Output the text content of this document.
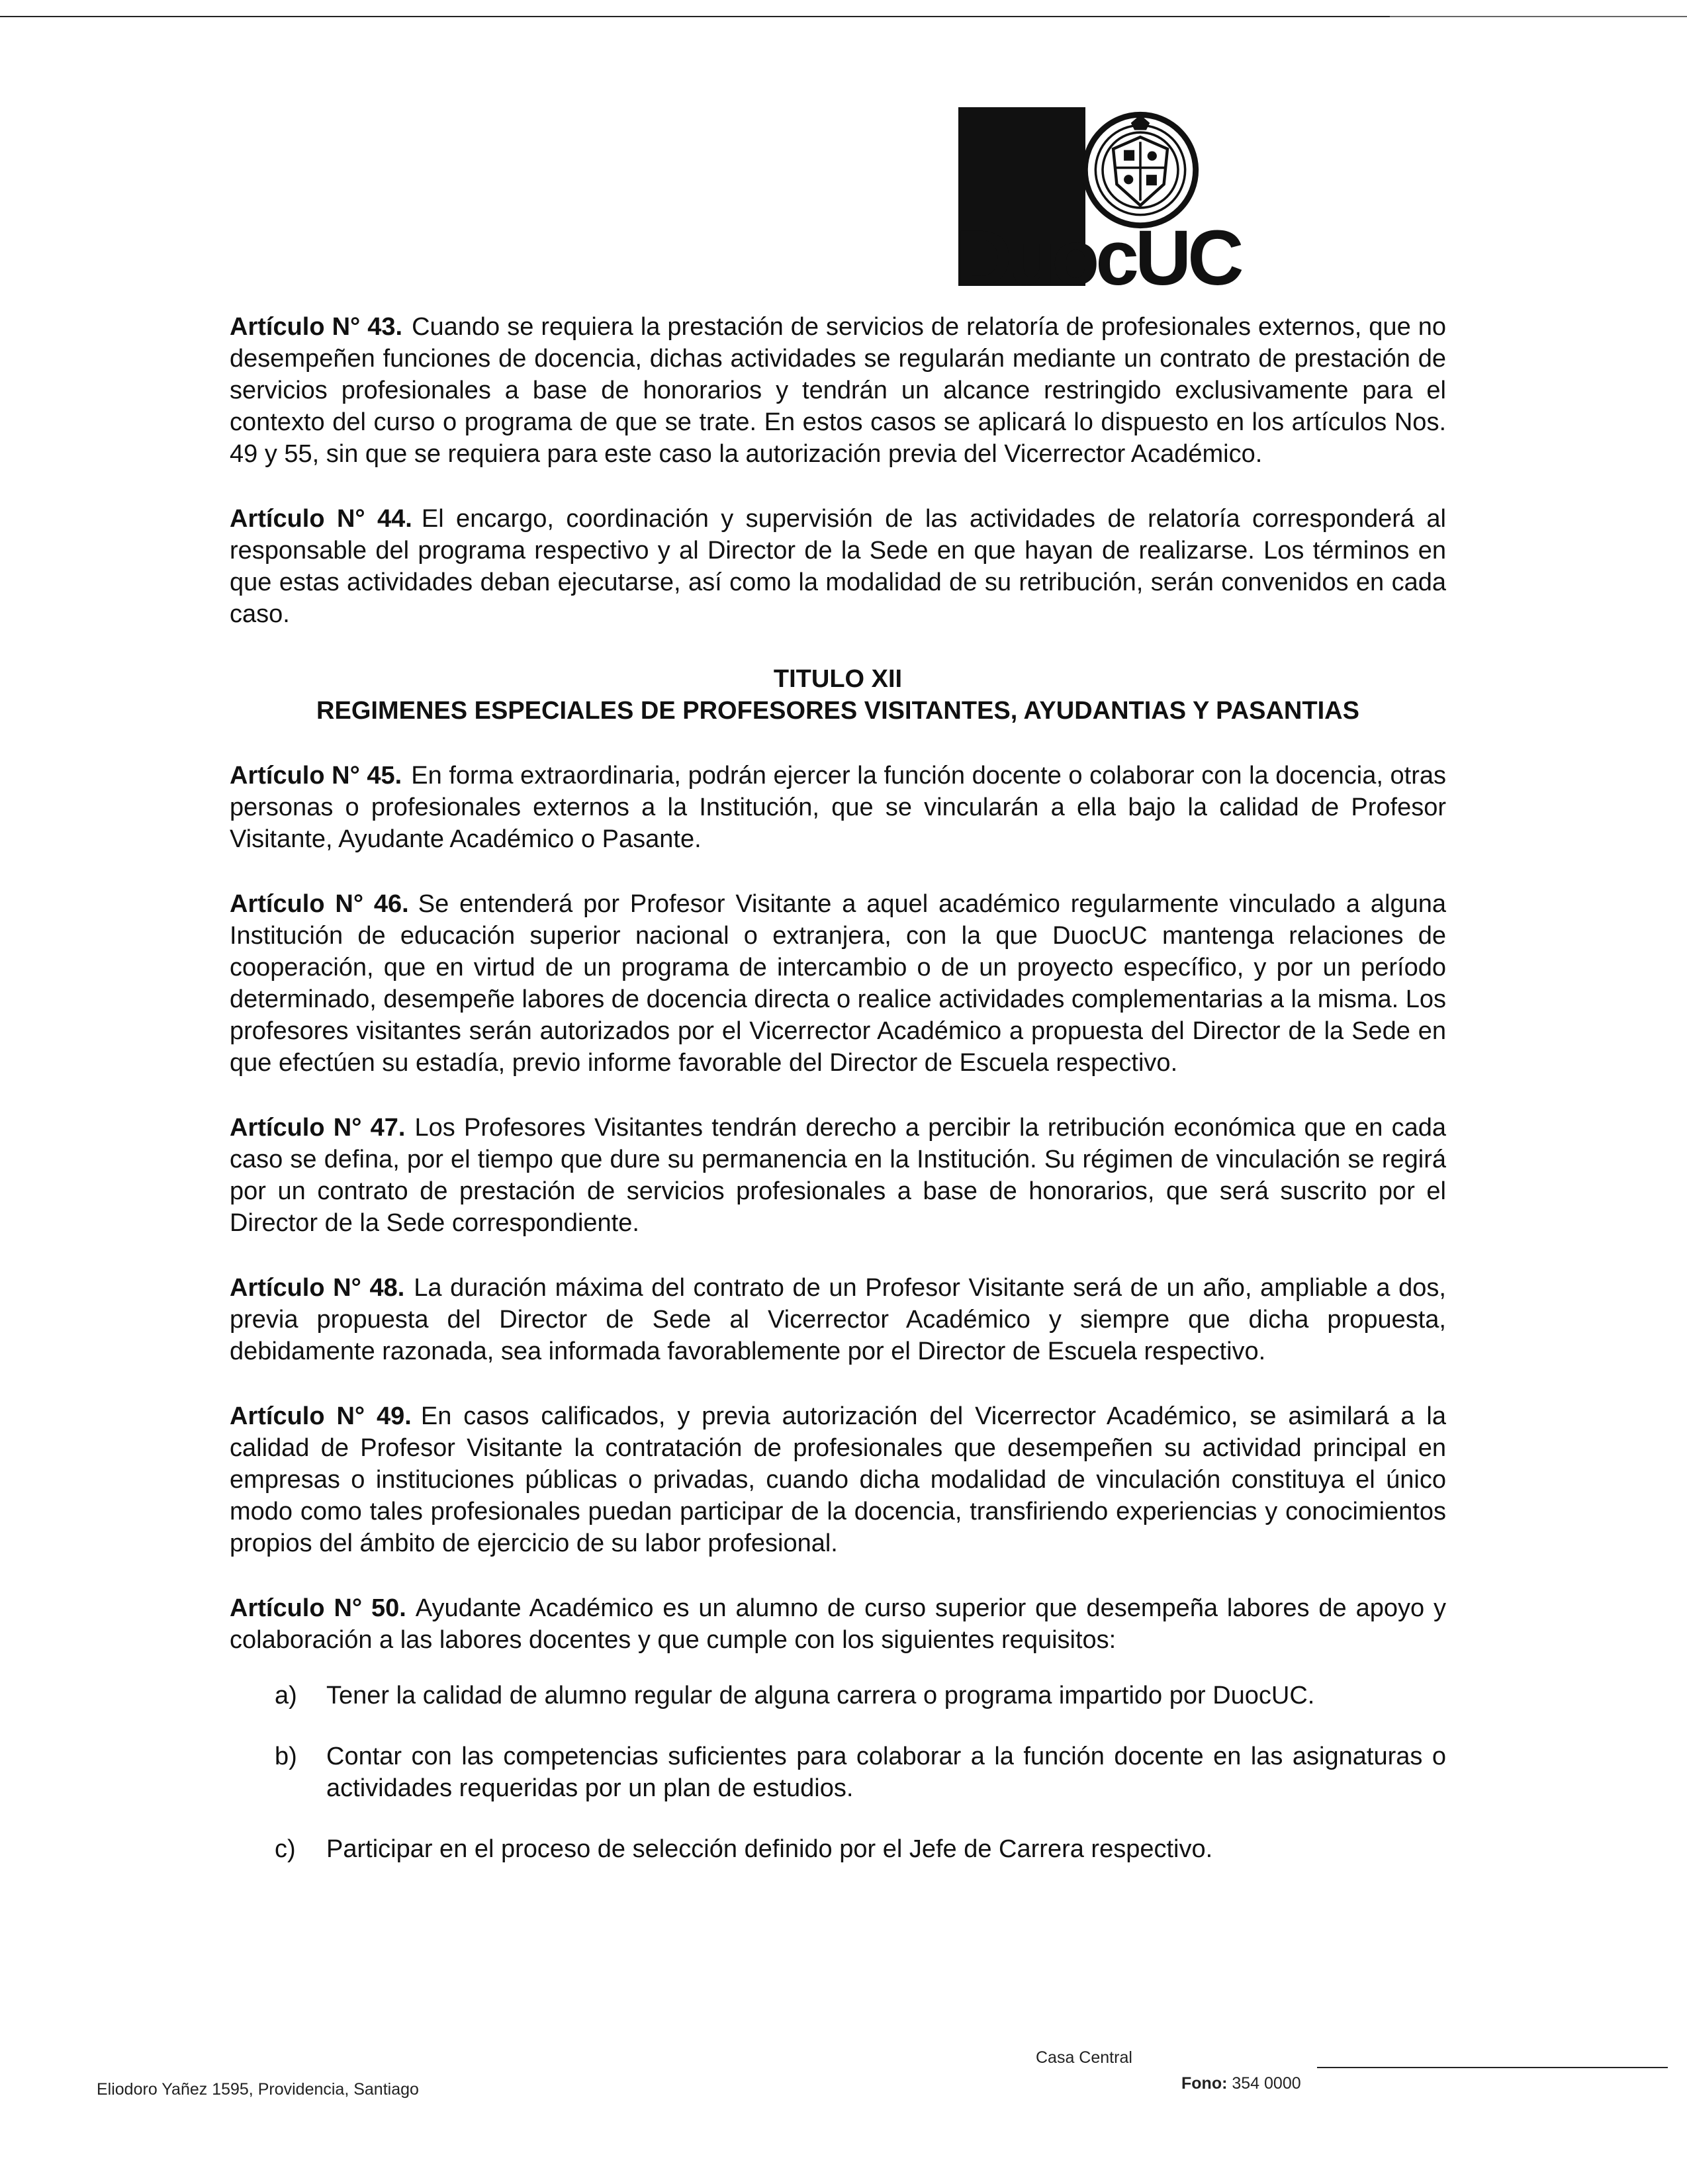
DuocUC
Artículo N° 43. Cuando se requiera la prestación de servicios de relatoría de profesionales externos, que no desempeñen funciones de docencia, dichas actividades se regularán mediante un contrato de prestación de servicios profesionales a base de honorarios y tendrán un alcance restringido exclusivamente para el contexto del curso o programa de que se trate. En estos casos se aplicará lo dispuesto en los artículos Nos. 49 y 55, sin que se requiera para este caso la autorización previa del Vicerrector Académico.
Artículo N° 44. El encargo, coordinación y supervisión de las actividades de relatoría corresponderá al responsable del programa respectivo y al Director de la Sede en que hayan de realizarse. Los términos en que estas actividades deban ejecutarse, así como la modalidad de su retribución, serán convenidos en cada caso.
TITULO XII
REGIMENES ESPECIALES DE PROFESORES VISITANTES, AYUDANTIAS Y PASANTIAS
Artículo N° 45. En forma extraordinaria, podrán ejercer la función docente o colaborar con la docencia, otras personas o profesionales externos a la Institución, que se vincularán a ella bajo la calidad de Profesor Visitante, Ayudante Académico o Pasante.
Artículo N° 46. Se entenderá por Profesor Visitante a aquel académico regularmente vinculado a alguna Institución de educación superior nacional o extranjera, con la que DuocUC mantenga relaciones de cooperación, que en virtud de un programa de intercambio o de un proyecto específico, y por un período determinado, desempeñe labores de docencia directa o realice actividades complementarias a la misma. Los profesores visitantes serán autorizados por el Vicerrector Académico a propuesta del Director de la Sede en que efectúen su estadía, previo informe favorable del Director de Escuela respectivo.
Artículo N° 47. Los Profesores Visitantes tendrán derecho a percibir la retribución económica que en cada caso se defina, por el tiempo que dure su permanencia en la Institución. Su régimen de vinculación se regirá por un contrato de prestación de servicios profesionales a base de honorarios, que será suscrito por el Director de la Sede correspondiente.
Artículo N° 48. La duración máxima del contrato de un Profesor Visitante será de un año, ampliable a dos, previa propuesta del Director de Sede al Vicerrector Académico y siempre que dicha propuesta, debidamente razonada, sea informada favorablemente por el Director de Escuela respectivo.
Artículo N° 49. En casos calificados, y previa autorización del Vicerrector Académico, se asimilará a la calidad de Profesor Visitante la contratación de profesionales que desempeñen su actividad principal en empresas o instituciones públicas o privadas, cuando dicha modalidad de vinculación constituya el único modo como tales profesionales puedan participar de la docencia, transfiriendo experiencias y conocimientos propios del ámbito de ejercicio de su labor profesional.
Artículo N° 50. Ayudante Académico es un alumno de curso superior que desempeña labores de apoyo y colaboración a las labores docentes y que cumple con los siguientes requisitos:
a) Tener la calidad de alumno regular de alguna carrera o programa impartido por DuocUC.
b) Contar con las competencias suficientes para colaborar a la función docente en las asignaturas o actividades requeridas por un plan de estudios.
c) Participar en el proceso de selección definido por el Jefe de Carrera respectivo.
Eliodoro Yañez 1595, Providencia, Santiago
Casa Central
Fono: 354 0000
